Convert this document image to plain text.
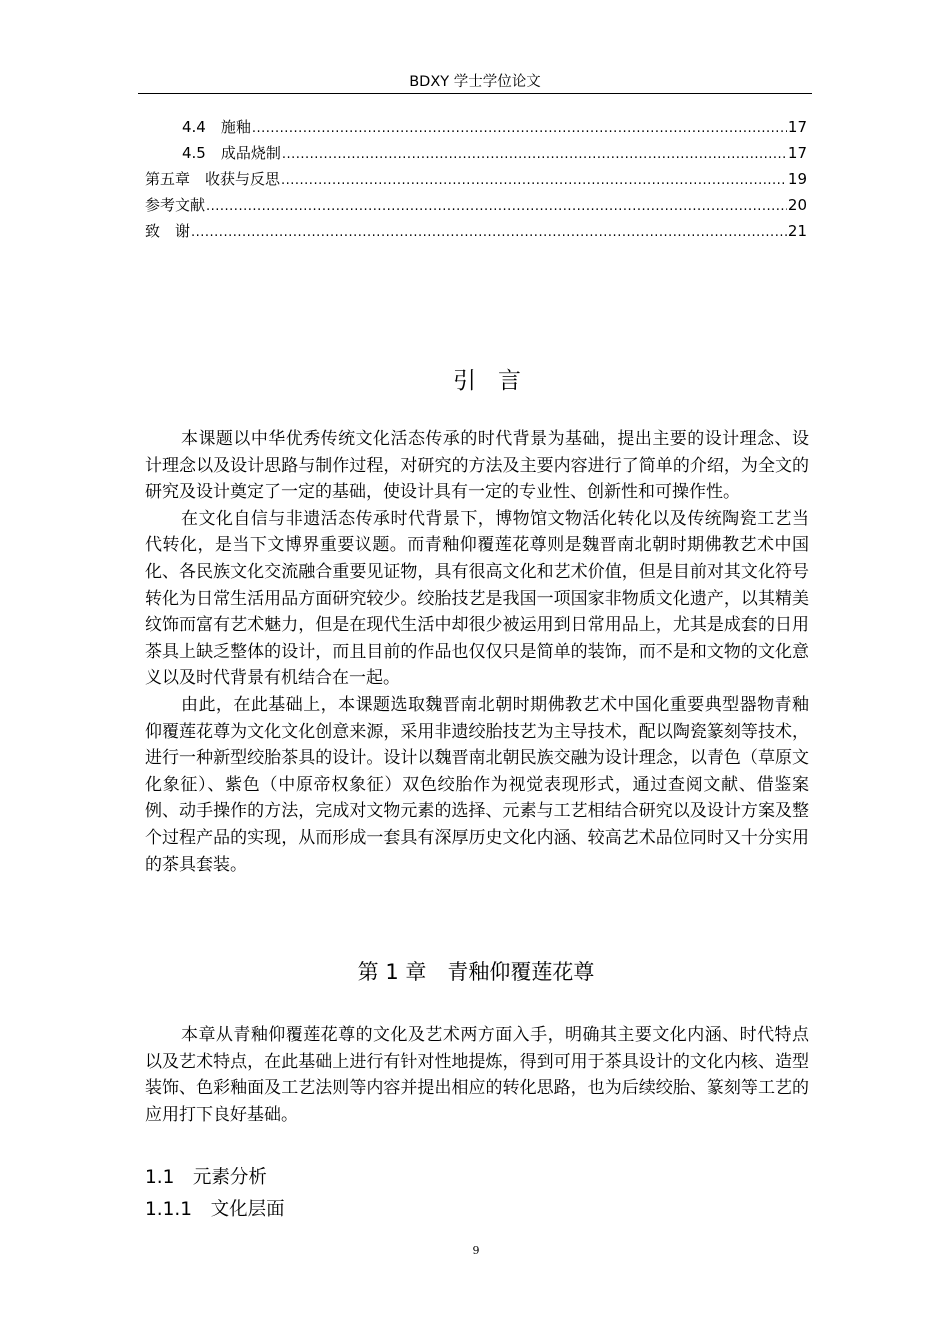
BDXY 学士学位论文
4.4　施釉 .....	17
4.5　成品烧制 .....	17
第五章　收获与反思 .....	19
参考文献 .....	20
致　谢 .....	21
引言

本课题以中华优秀传统文化活态传承的时代背景为基础，提出主要的设计理念、设计理念以及设计思路与制作过程，对研究的方法及主要内容进行了简单的介绍，为全文的研究及设计奠定了一定的基础，使设计具有一定的专业性、创新性和可操作性。

在文化自信与非遗活态传承时代背景下，博物馆文物活化转化以及传统陶瓷工艺当代转化，是当下文博界重要议题。而青釉仰覆莲花尊则是魏晋南北朝时期佛教艺术中国化、各民族文化交流融合重要见证物，具有很高文化和艺术价值，但是目前对其文化符号转化为日常生活用品方面研究较少。绞胎技艺是我国一项国家非物质文化遗产，以其精美纹饰而富有艺术魅力，但是在现代生活中却很少被运用到日常用品上，尤其是成套的日用茶具上缺乏整体的设计，而且目前的作品也仅仅只是简单的装饰，而不是和文物的文化意义以及时代背景有机结合在一起。

由此，在此基础上，本课题选取魏晋南北朝时期佛教艺术中国化重要典型器物青釉仰覆莲花尊为文化文化创意来源，采用非遗绞胎技艺为主导技术，配以陶瓷篆刻等技术，进行一种新型绞胎茶具的设计。设计以魏晋南北朝民族交融为设计理念，以青色（草原文化象征）、紫色（中原帝权象征）双色绞胎作为视觉表现形式，通过查阅文献、借鉴案例、动手操作的方法，完成对文物元素的选择、元素与工艺相结合研究以及设计方案及整个过程产品的实现，从而形成一套具有深厚历史文化内涵、较高艺术品位同时又十分实用的茶具套装。

第 1 章　青釉仰覆莲花尊

本章从青釉仰覆莲花尊的文化及艺术两方面入手，明确其主要文化内涵、时代特点以及艺术特点，在此基础上进行有针对性地提炼，得到可用于茶具设计的文化内核、造型装饰、色彩釉面及工艺法则等内容并提出相应的转化思路，也为后续绞胎、篆刻等工艺的应用打下良好基础。

1.1　元素分析
1.1.1　文化层面
9
